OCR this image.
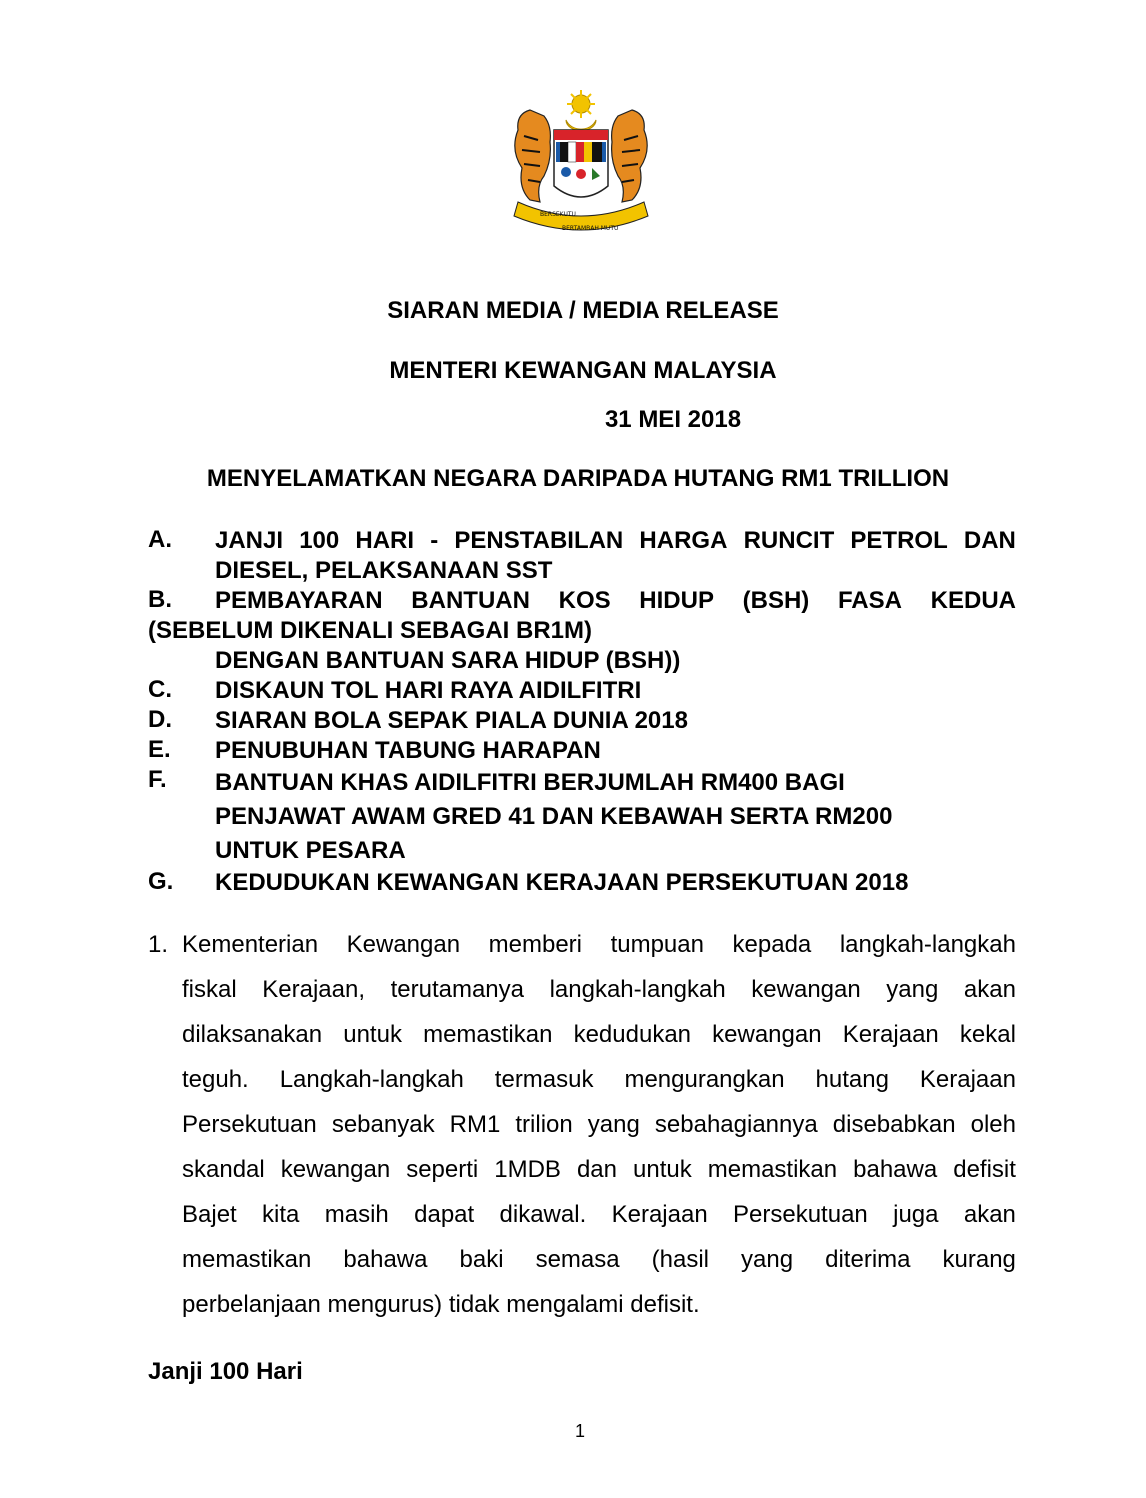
BERSEKUTU
BERTAMBAH MUTU
SIARAN MEDIA / MEDIA RELEASE
MENTERI KEWANGAN MALAYSIA
31 MEI 2018
MENYELAMATKAN NEGARA DARIPADA HUTANG RM1 TRILLION
A.	JANJI 100 HARI - PENSTABILAN HARGA RUNCIT PETROL DAN
DIESEL, PELAKSANAAN SST
B.	PEMBAYARAN BANTUAN KOS HIDUP (BSH) FASA KEDUA
(SEBELUM DIKENALI SEBAGAI BR1M)
DENGAN BANTUAN SARA HIDUP (BSH))
C.	DISKAUN TOL HARI RAYA AIDILFITRI
D.	SIARAN BOLA SEPAK PIALA DUNIA 2018
E.	PENUBUHAN TABUNG HARAPAN
F.	BANTUAN KHAS AIDILFITRI BERJUMLAH RM400 BAGI
PENJAWAT AWAM GRED 41 DAN KEBAWAH SERTA RM200
UNTUK PESARA
G.	KEDUDUKAN KEWANGAN KERAJAAN PERSEKUTUAN 2018
1. Kementerian Kewangan memberi tumpuan kepada langkah-langkah
fiskal Kerajaan, terutamanya langkah-langkah kewangan yang akan
dilaksanakan untuk memastikan kedudukan kewangan Kerajaan kekal
teguh. Langkah-langkah termasuk mengurangkan hutang Kerajaan
Persekutuan sebanyak RM1 trilion yang sebahagiannya disebabkan oleh
skandal kewangan seperti 1MDB dan untuk memastikan bahawa defisit
Bajet kita masih dapat dikawal. Kerajaan Persekutuan juga akan
memastikan bahawa baki semasa (hasil yang diterima kurang
perbelanjaan mengurus) tidak mengalami defisit.
Janji 100 Hari
1
